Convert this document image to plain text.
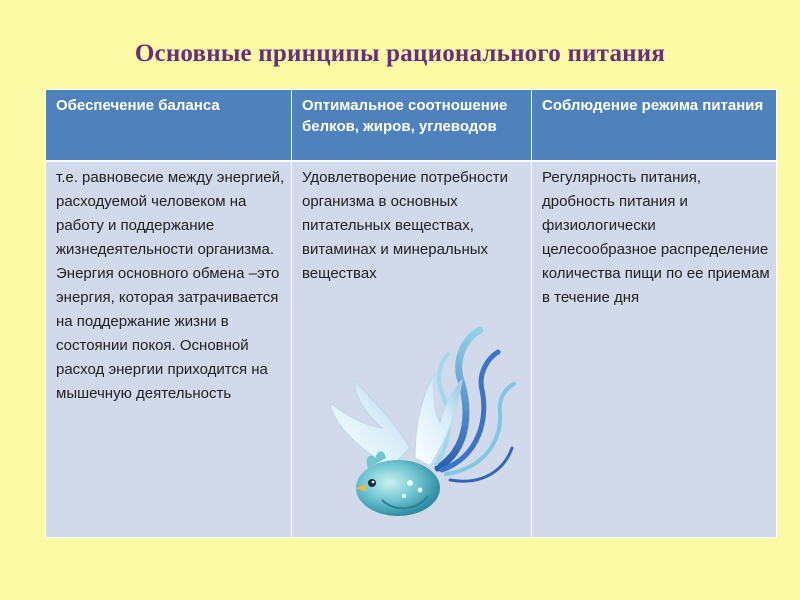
Основные принципы рационального питания
Обеспечение баланса	Оптимальное соотношение белков, жиров, углеводов	Соблюдение режима питания
т.е. равновесие между энергией, расходуемой человеком на работу и поддержание жизнедеятельности организма. Энергия основного обмена –это энергия, которая затрачивается на поддержание жизни в состоянии покоя. Основной расход энергии приходится на мышечную деятельность	Удовлетворение потребности организма в основных питательных веществах, витаминах и минеральных веществах	Регулярность питания, дробность питания и физиологически целесообразное распределение количества пищи по ее приемам в течение дня
